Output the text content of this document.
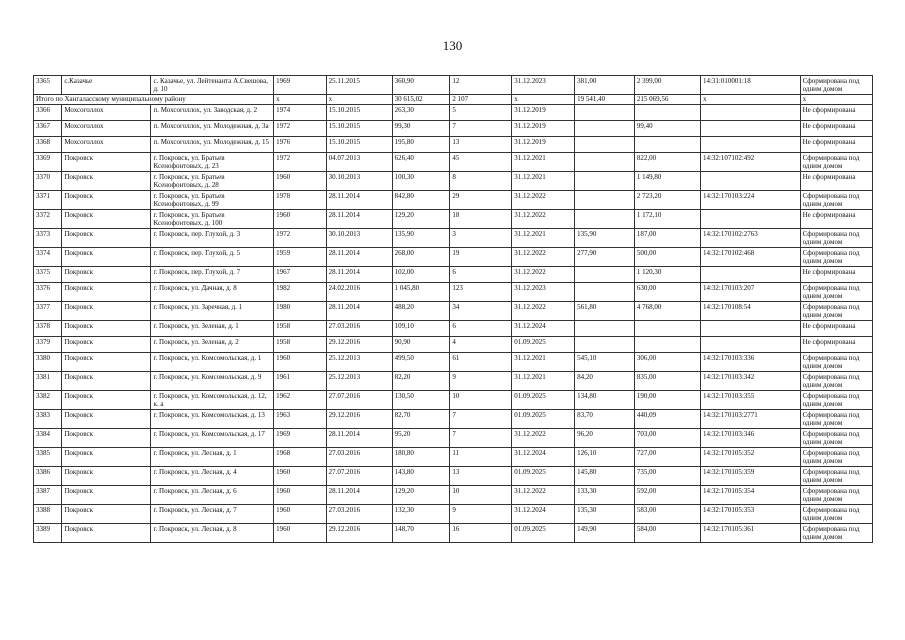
130
3365	с.Казачье	с. Казачье, ул. Лейтенанта А.Свешова, д. 10	1969	25.11.2015	360,90	12	31.12.2023	381,00	2 399,00	14:31:010001:18	Сформирована под одним домом
Итого по Хангаласскому муниципальному району			x	x	30 615,02	2 107	x	19 541,40	215 069,56	x	x
3366	Мохсоголлох	п. Мохсоголлох, ул. Заводская, д. 2	1974	15.10.2015	263,30	5	31.12.2019				Не сформирована
3367	Мохсоголлох	п. Мохсоголлох, ул. Молодежная, д. 3а	1972	15.10.2015	99,30	7	31.12.2019		99,40		Не сформирована
3368	Мохсоголлох	п. Мохсоголлох, ул. Молодежная, д. 15	1976	15.10.2015	195,80	13	31.12.2019				Не сформирована
3369	Покровск	г. Покровск, ул. Братьев Ксенофонтовых, д. 23	1972	04.07.2013	626,40	45	31.12.2021		822,00	14:32:107102:492	Сформирована под одним домом
3370	Покровск	г. Покровск, ул. Братьев Ксенофонтовых, д. 28	1960	30.10.2013	100,30	8	31.12.2021		1 149,80		Не сформирована
3371	Покровск	г. Покровск, ул. Братьев Ксенофонтовых, д. 99	1978	28.11.2014	842,80	29	31.12.2022		2 723,20	14:32:170103:224	Сформирована под одним домом
3372	Покровск	г. Покровск, ул. Братьев Ксенофонтовых, д. 100	1960	28.11.2014	129,20	18	31.12.2022		1 172,10		Не сформирована
3373	Покровск	г. Покровск, пер. Глухой, д. 3	1972	30.10.2013	135,90	3	31.12.2021	135,90	187,00	14:32:170102:2763	Сформирована под одним домом
3374	Покровск	г. Покровск, пер. Глухой, д. 5	1959	28.11.2014	268,00	19	31.12.2022	277,90	500,00	14:32:170102:468	Сформирована под одним домом
3375	Покровск	г. Покровск, пер. Глухой, д. 7	1967	28.11.2014	102,00	6	31.12.2022		1 120,30		Не сформирована
3376	Покровск	г. Покровск, ул. Дачная, д. 8	1982	24.02.2016	1 045,80	123	31.12.2023		630,00	14:32:170103:207	Сформирована под одним домом
3377	Покровск	г. Покровск, ул. Заречная, д. 1	1980	28.11.2014	488,20	34	31.12.2022	561,80	4 768,00	14:32:170108:54	Сформирована под одним домом
3378	Покровск	г. Покровск, ул. Зеленая, д. 1	1958	27.03.2016	109,10	6	31.12.2024				Не сформирована
3379	Покровск	г. Покровск, ул. Зеленая, д. 2	1958	29.12.2016	90,90	4	01.09.2025				Не сформирована
3380	Покровск	г. Покровск, ул. Комсомольская, д. 1	1960	25.12.2013	499,50	61	31.12.2021	545,10	306,00	14:32:170103:336	Сформирована под одним домом
3381	Покровск	г. Покровск, ул. Комсомольская, д. 9	1961	25.12.2013	82,20	9	31.12.2021	84,20	835,00	14:32:170103:342	Сформирована под одним домом
3382	Покровск	г. Покровск, ул. Комсомольская, д. 12, к. а	1962	27.07.2016	130,50	10	01.09.2025	134,80	190,00	14:32:170103:355	Сформирована под одним домом
3383	Покровск	г. Покровск, ул. Комсомольская, д. 13	1963	29.12.2016	82,70	7	01.09.2025	83,70	440,09	14:32:170103:2771	Сформирована под одним домом
3384	Покровск	г. Покровск, ул. Комсомольская, д. 17	1969	28.11.2014	95,20	7	31.12.2022	96,20	703,00	14:32:170103:346	Сформирована под одним домом
3385	Покровск	г. Покровск, ул. Лесная, д. 1	1968	27.03.2016	180,80	11	31.12.2024	126,10	727,00	14:32:170105:352	Сформирована под одним домом
3386	Покровск	г. Покровск, ул. Лесная, д. 4	1960	27.07.2016	143,80	13	01.09.2025	145,80	735,00	14:32:170105:359	Сформирована под одним домом
3387	Покровск	г. Покровск, ул. Лесная, д. 6	1960	28.11.2014	129,20	10	31.12.2022	133,30	592,00	14:32:170105:354	Сформирована под одним домом
3388	Покровск	г. Покровск, ул. Лесная, д. 7	1960	27.03.2016	132,30	9	31.12.2024	135,30	583,00	14:32:170105:353	Сформирована под одним домом
3389	Покровск	г. Покровск, ул. Лесная, д. 8	1960	29.12.2016	148,70	16	01.09.2025	149,90	584,00	14:32:170105:361	Сформирована под одним домом
